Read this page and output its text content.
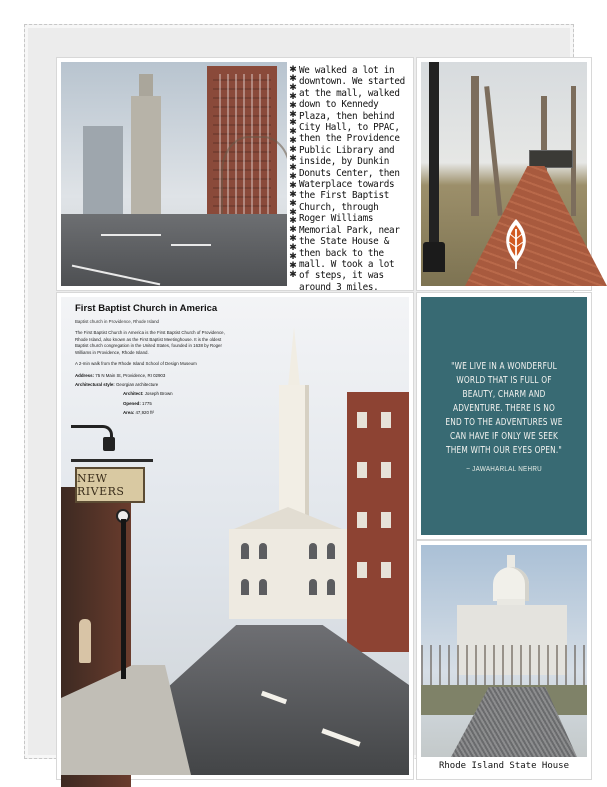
✱
✱
✱
✱
✱
✱
✱
✱
✱
✱
✱
✱
✱
✱
✱
✱
✱
✱
✱
✱
✱
✱
✱
✱
We walked a lot in downtown. We started at the mall, walked down to Kennedy Plaza, then behind City Hall, to PPAC, then the Providence Public Library and inside, by Dunkin Donuts Center, then Waterplace towards the First Baptist Church, through Roger Williams Memorial Park, near the State House & then back to the mall. W took a lot of steps, it was around 3 miles.
NEW RIVERS
First Baptist Church in America
Baptist church in Providence, Rhode Island

The First Baptist Church in America is the First Baptist Church of Providence, Rhode Island, also known as the First Baptist Meetinghouse. It is the oldest Baptist church congregation in the United States, founded in 1638 by Roger Williams in Providence, Rhode Island.

A 2-min walk from the Rhode Island School of Design Museum

Address: 75 N Main St, Providence, RI 02903
Architectural style: Georgian architecture
Architect: Joseph Brown
Opened: 1775
Area: 47,920 ft²
"WE LIVE IN A WONDERFUL WORLD THAT IS FULL OF BEAUTY, CHARM AND ADVENTURE. THERE IS NO END TO THE ADVENTURES WE CAN HAVE IF ONLY WE SEEK THEM WITH OUR EYES OPEN."
~ JAWAHARLAL NEHRU
Rhode Island State House
